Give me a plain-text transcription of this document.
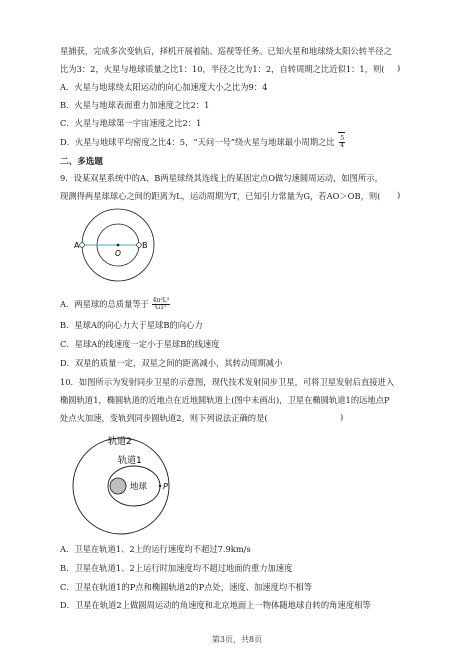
星捕获，完成多次变轨后，择机开展着陆、巡视等任务。已知火星和地球绕太阳公转半径之
比为3：2，火星与地球质量之比1：10，半径之比为1：2，自转周期之比近似1：1，则(	)
A．火星与地球绕太阳运动的向心加速度大小之比为9：4
B．火星与地球表面重力加速度之比2：1
C．火星与地球第一宇宙速度之比2：1
D．火星与地球平均密度之比4：5，“天问一号”绕火星与地球最小周期之比 $\frac{5}{4}$
二、多选题
9．设某双星系统中的A、B两星球绕其连线上的某固定点O做匀速圆周运动，如图所示，
现测得两星球球心之间的距离为L，运动周期为T，已知引力常量为G，若AO＞OB，则(	)
A	B
O
A．两星球的总质量等于 $\frac{\text{4π²L³}}{\text{GT²}}$
B．星球A的向心力大于星球B的向心力
C．星球A的线速度一定小于星球B的线速度
D．双星的质量一定，双星之间的距离减小，其转动周期减小
10．如图所示为发射同步卫星的示意图，现代技术发射同步卫星，可将卫星发射后直接进入
椭圆轨道1，椭圆轨道的近地点在近地圆轨道上(图中未画出)，卫星在椭圆轨道1的远地点P
处点火加速，变轨到同步圆轨道2。则下列说法正确的是(	)
轨道2
轨道1
地球 P
A．卫星在轨道1、2上的运行速度均不超过7.9km/s
B．卫星在轨道1、2上运行时加速度均不超过地面的重力加速度
C．卫星在轨道1的P点和椭圆轨道2的P点处，速度、加速度均不相等
D．卫星在轨道2上做圆周运动的角速度和北京地面上一物体随地球自转的角速度相等
第3页，共8页
